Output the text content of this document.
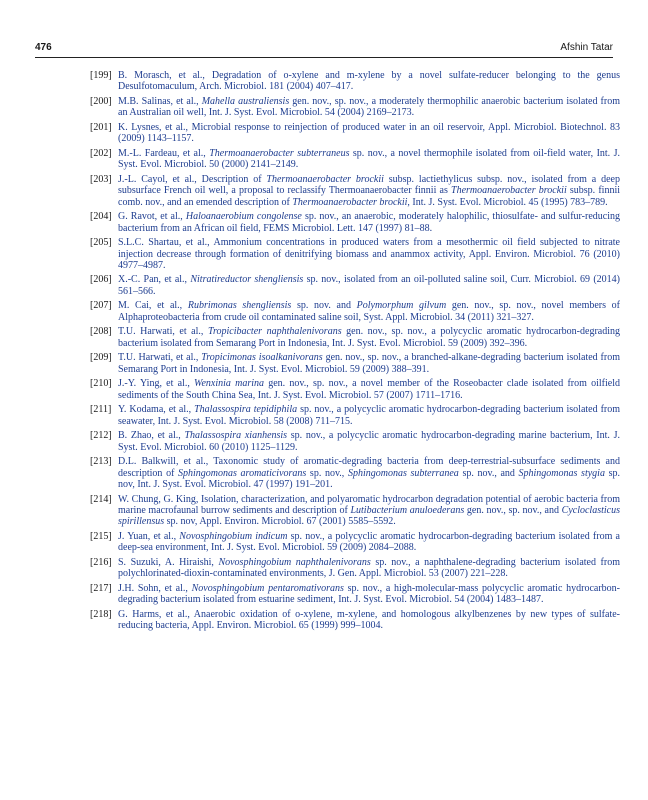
476	Afshin Tatar
[199] B. Morasch, et al., Degradation of o-xylene and m-xylene by a novel sulfate-reducer belonging to the genus Desulfotomaculum, Arch. Microbiol. 181 (2004) 407–417.
[200] M.B. Salinas, et al., Mahella australiensis gen. nov., sp. nov., a moderately thermophilic anaerobic bacterium isolated from an Australian oil well, Int. J. Syst. Evol. Microbiol. 54 (2004) 2169–2173.
[201] K. Lysnes, et al., Microbial response to reinjection of produced water in an oil reservoir, Appl. Microbiol. Biotechnol. 83 (2009) 1143–1157.
[202] M.-L. Fardeau, et al., Thermoanaerobacter subterraneus sp. nov., a novel thermophile isolated from oil-field water, Int. J. Syst. Evol. Microbiol. 50 (2000) 2141–2149.
[203] J.-L. Cayol, et al., Description of Thermoanaerobacter brockii subsp. lactiethylicus subsp. nov., isolated from a deep subsurface French oil well, a proposal to reclassify Thermoanaerobacter finnii as Thermoanaerobacter brockii subsp. finnii comb. nov., and an emended description of Thermoanaerobacter brockii, Int. J. Syst. Evol. Microbiol. 45 (1995) 783–789.
[204] G. Ravot, et al., Haloanaerobium congolense sp. nov., an anaerobic, moderately halophilic, thiosulfate- and sulfur-reducing bacterium from an African oil field, FEMS Microbiol. Lett. 147 (1997) 81–88.
[205] S.L.C. Shartau, et al., Ammonium concentrations in produced waters from a mesothermic oil field subjected to nitrate injection decrease through formation of denitrifying biomass and anammox activity, Appl. Environ. Microbiol. 76 (2010) 4977–4987.
[206] X.-C. Pan, et al., Nitratireductor shengliensis sp. nov., isolated from an oil-polluted saline soil, Curr. Microbiol. 69 (2014) 561–566.
[207] M. Cai, et al., Rubrimonas shengliensis sp. nov. and Polymorphum gilvum gen. nov., sp. nov., novel members of Alphaproteobacteria from crude oil contaminated saline soil, Syst. Appl. Microbiol. 34 (2011) 321–327.
[208] T.U. Harwati, et al., Tropicibacter naphthalenivorans gen. nov., sp. nov., a polycyclic aromatic hydrocarbon-degrading bacterium isolated from Semarang Port in Indonesia, Int. J. Syst. Evol. Microbiol. 59 (2009) 392–396.
[209] T.U. Harwati, et al., Tropicimonas isoalkanivorans gen. nov., sp. nov., a branched-alkane-degrading bacterium isolated from Semarang Port in Indonesia, Int. J. Syst. Evol. Microbiol. 59 (2009) 388–391.
[210] J.-Y. Ying, et al., Wenxinia marina gen. nov., sp. nov., a novel member of the Roseobacter clade isolated from oilfield sediments of the South China Sea, Int. J. Syst. Evol. Microbiol. 57 (2007) 1711–1716.
[211] Y. Kodama, et al., Thalassospira tepidiphila sp. nov., a polycyclic aromatic hydrocarbon-degrading bacterium isolated from seawater, Int. J. Syst. Evol. Microbiol. 58 (2008) 711–715.
[212] B. Zhao, et al., Thalassospira xianhensis sp. nov., a polycyclic aromatic hydrocarbon-degrading marine bacterium, Int. J. Syst. Evol. Microbiol. 60 (2010) 1125–1129.
[213] D.L. Balkwill, et al., Taxonomic study of aromatic-degrading bacteria from deep-terrestrial-subsurface sediments and description of Sphingomonas aromaticivorans sp. nov., Sphingomonas subterranea sp. nov., and Sphingomonas stygia sp. nov, Int. J. Syst. Evol. Microbiol. 47 (1997) 191–201.
[214] W. Chung, G. King, Isolation, characterization, and polyaromatic hydrocarbon degradation potential of aerobic bacteria from marine macrofaunal burrow sediments and description of Lutibacterium anuloederans gen. nov., sp. nov., and Cycloclasticus spirillensus sp. nov, Appl. Environ. Microbiol. 67 (2001) 5585–5592.
[215] J. Yuan, et al., Novosphingobium indicum sp. nov., a polycyclic aromatic hydrocarbon-degrading bacterium isolated from a deep-sea environment, Int. J. Syst. Evol. Microbiol. 59 (2009) 2084–2088.
[216] S. Suzuki, A. Hiraishi, Novosphingobium naphthalenivorans sp. nov., a naphthalene-degrading bacterium isolated from polychlorinated-dioxin-contaminated environments, J. Gen. Appl. Microbiol. 53 (2007) 221–228.
[217] J.H. Sohn, et al., Novosphingobium pentaromativorans sp. nov., a high-molecular-mass polycyclic aromatic hydrocarbon-degrading bacterium isolated from estuarine sediment, Int. J. Syst. Evol. Microbiol. 54 (2004) 1483–1487.
[218] G. Harms, et al., Anaerobic oxidation of o-xylene, m-xylene, and homologous alkylbenzenes by new types of sulfate-reducing bacteria, Appl. Environ. Microbiol. 65 (1999) 999–1004.
